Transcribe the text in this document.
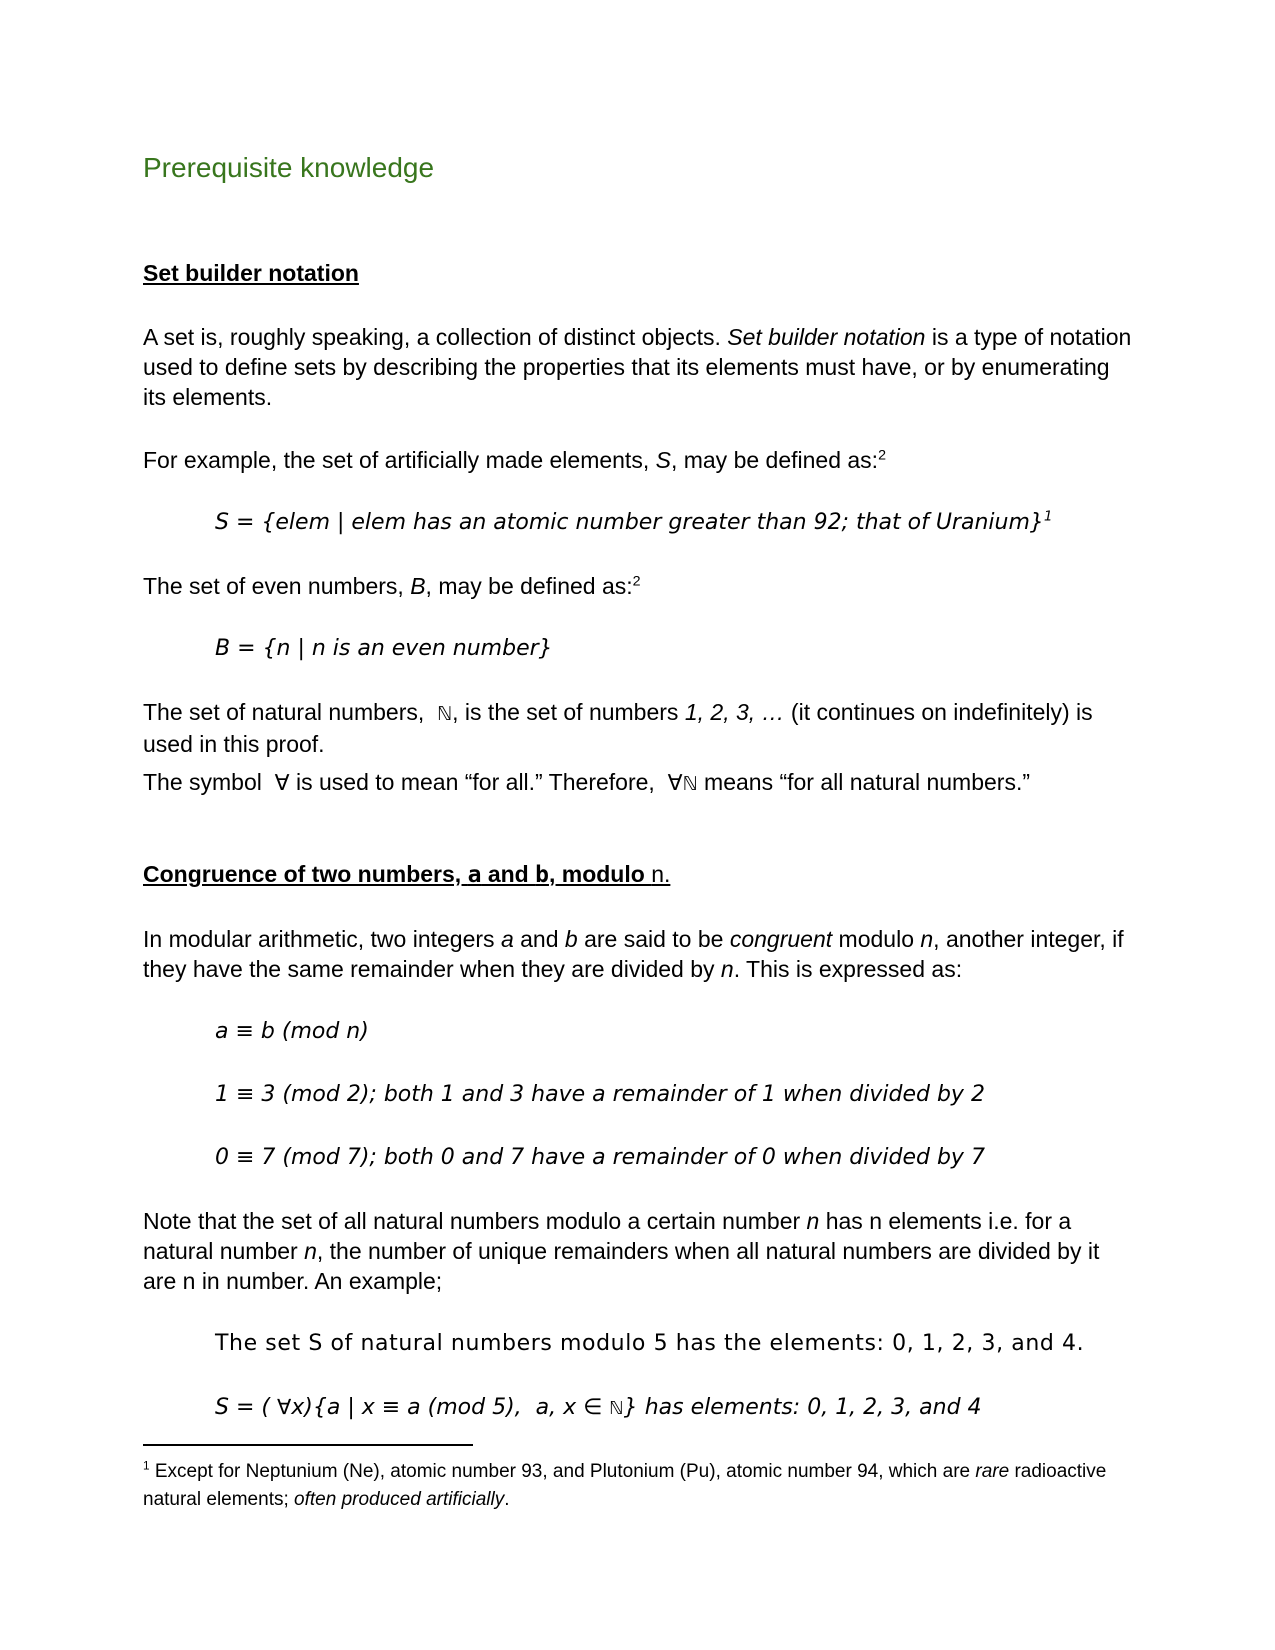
Prerequisite knowledge
Set builder notation
A set is, roughly speaking, a collection of distinct objects. Set builder notation is a type of notation used to define sets by describing the properties that its elements must have, or by enumerating its elements.
For example, the set of artificially made elements, S, may be defined as:$^2$
S = {elem | elem has an atomic number greater than 92; that of Uranium}$^1$
The set of even numbers, B, may be defined as:$^2$
B = {n | n is an even number}
The set of natural numbers,  ℕ, is the set of numbers 1, 2, 3, … (it continues on indefinitely) is used in this proof.
The symbol  ∀ is used to mean “for all.” Therefore,  ∀ℕ means “for all natural numbers.”
Congruence of two numbers, a and b, modulo n.
In modular arithmetic, two integers a and b are said to be congruent modulo n, another integer, if they have the same remainder when they are divided by n. This is expressed as:
a ≡ b (mod n)
1 ≡ 3 (mod 2); both 1 and 3 have a remainder of 1 when divided by 2
0 ≡ 7 (mod 7); both 0 and 7 have a remainder of 0 when divided by 7
Note that the set of all natural numbers modulo a certain number n has n elements i.e. for a natural number n, the number of unique remainders when all natural numbers are divided by it are n in number. An example;
The set S of natural numbers modulo 5 has the elements: 0, 1, 2, 3, and 4.
S = ( ∀x){a | x ≡ a (mod 5),  a, x ∈ ℕ} has elements: 0, 1, 2, 3, and 4
$^1$ Except for Neptunium (Ne), atomic number 93, and Plutonium (Pu), atomic number 94, which are rare radioactive natural elements; often produced artificially.
